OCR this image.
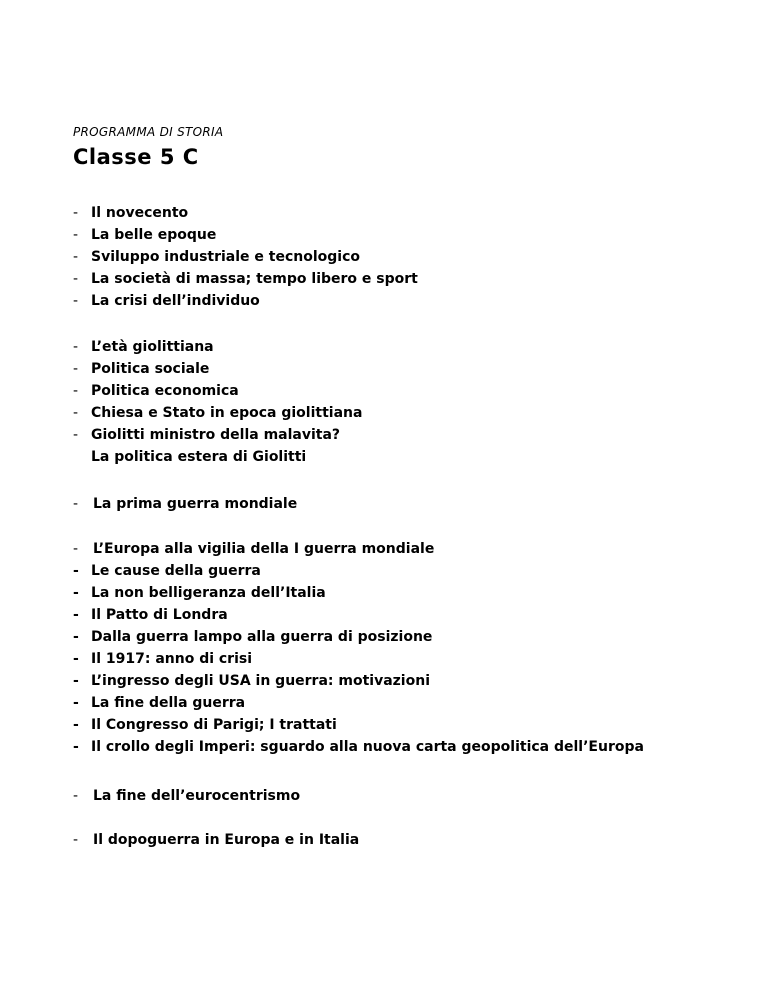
PROGRAMMA DI STORIA
Classe 5 C
- Il novecento
- La belle epoque
- Sviluppo industriale e tecnologico
- La società di massa; tempo libero e sport
- La crisi dell’individuo
- L’età giolittiana
- Politica sociale
- Politica economica
- Chiesa e Stato in epoca giolittiana
- Giolitti ministro della malavita?
La politica estera di Giolitti
-	La prima guerra mondiale
-	L’Europa alla vigilia della I guerra mondiale
- Le cause della guerra
- La non belligeranza dell’Italia
- Il Patto di Londra
- Dalla guerra lampo alla guerra di posizione
- Il 1917: anno di crisi
- L’ingresso degli USA in guerra: motivazioni
- La fine della guerra
- Il Congresso di Parigi; I trattati
- Il crollo degli Imperi: sguardo alla nuova carta geopolitica dell’Europa
-	La fine dell’eurocentrismo
-	Il dopoguerra in Europa e in Italia
